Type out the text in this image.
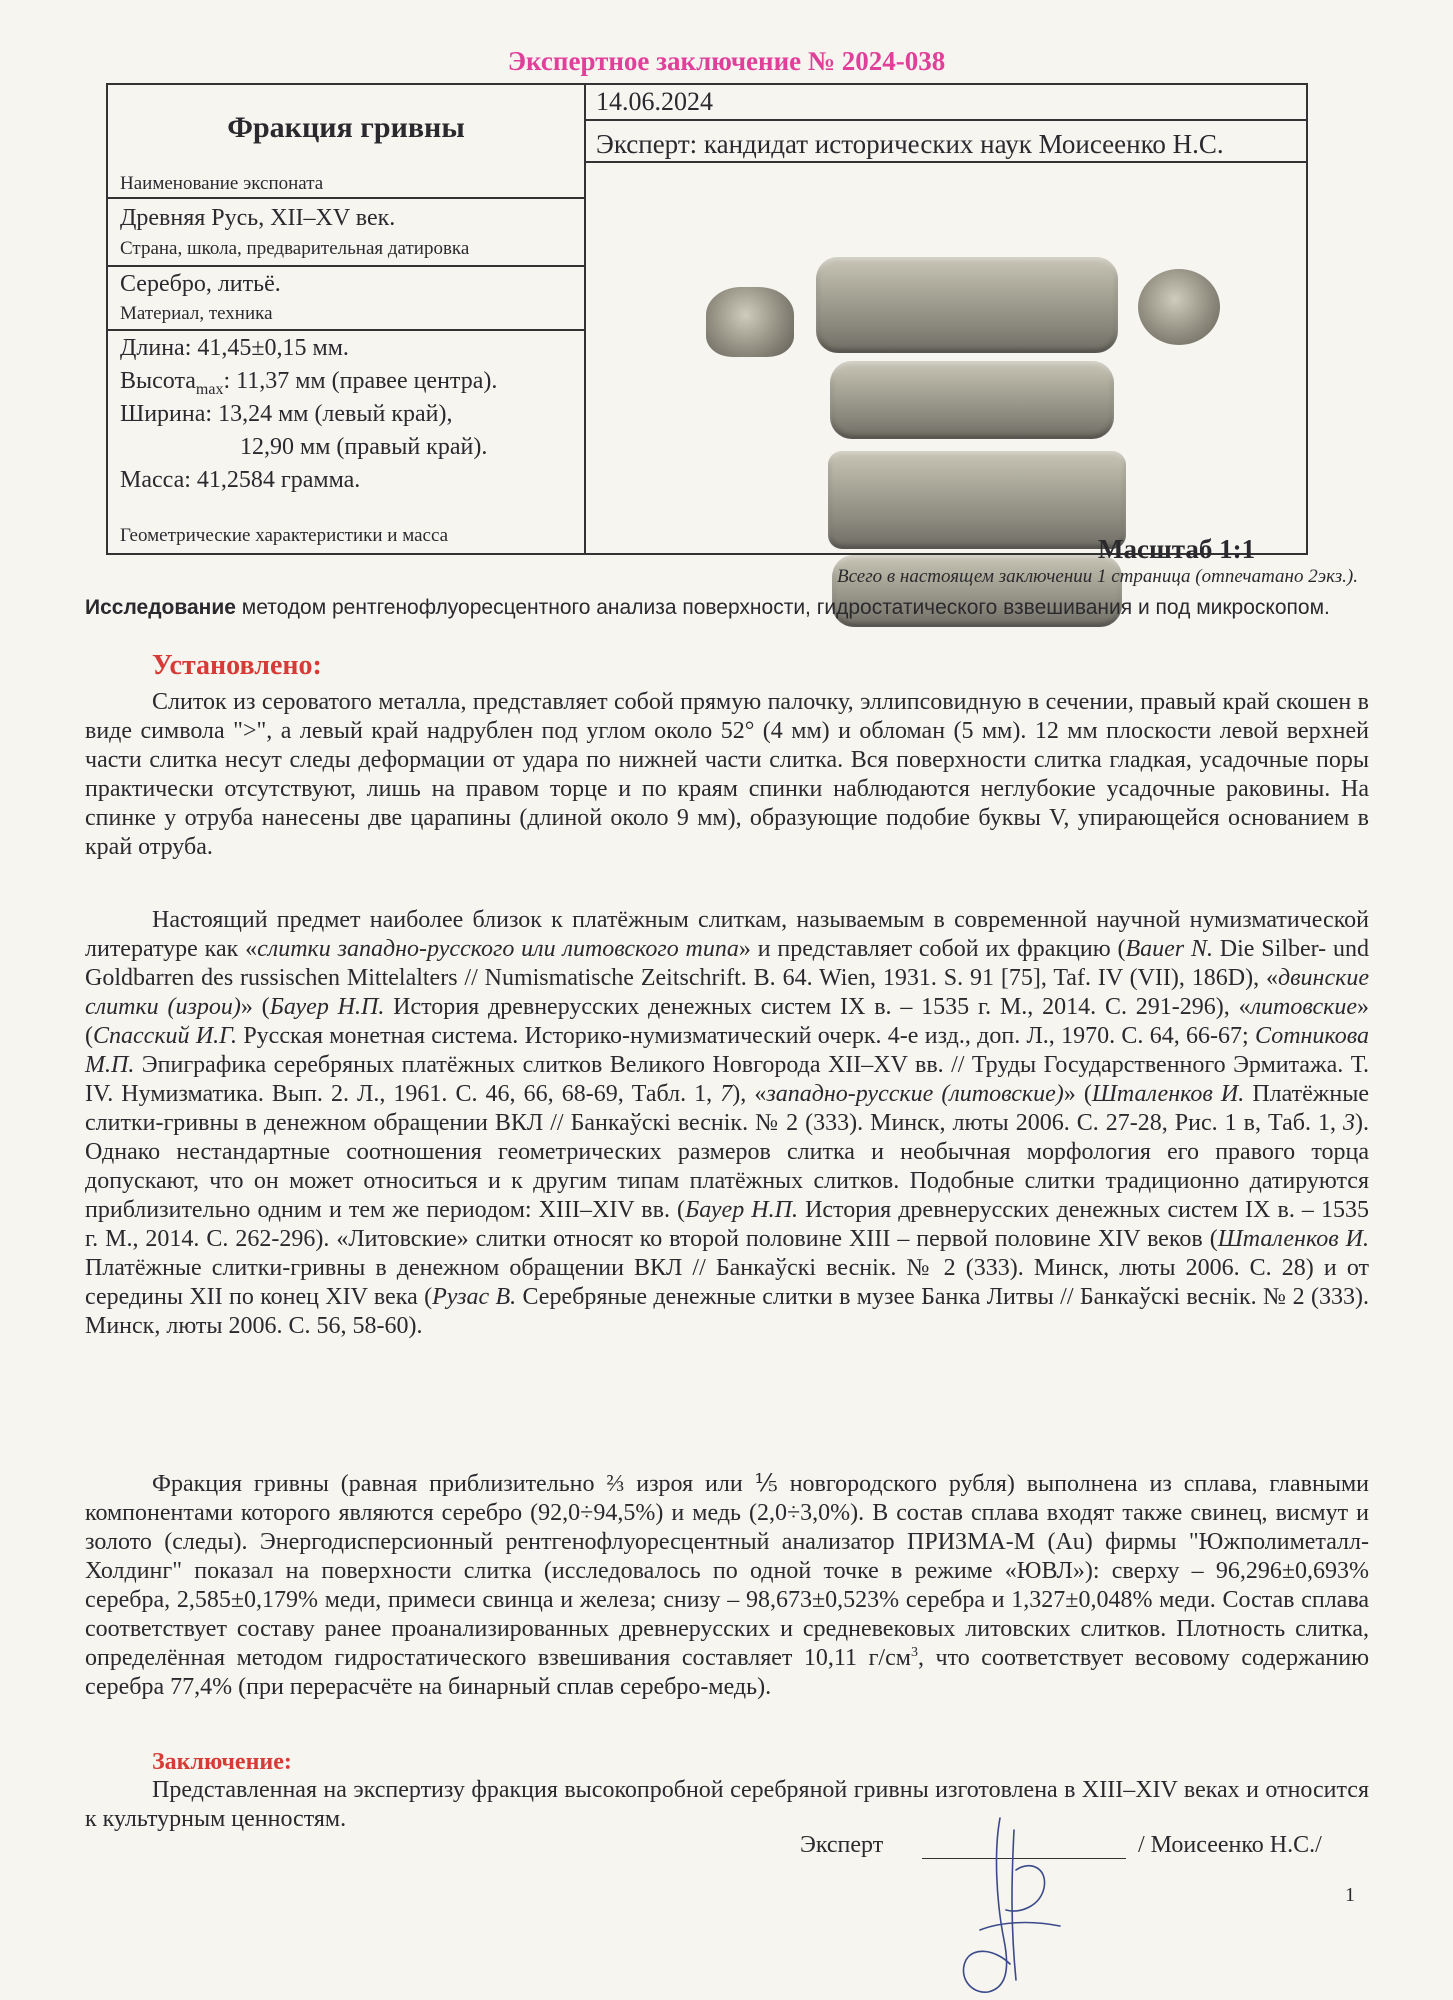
Экспертное заключение № 2024-038
Фракция гривны
Наименование экспоната
Древняя Русь, XII–XV век.
Страна, школа, предварительная датировка
Серебро, литьё.
Материал, техника
Длина: 41,45±0,15 мм.
Высота$_{max}$: 11,37 мм (правее центра).
Ширина: 13,24 мм (левый край),
12,90 мм (правый край).
Масса: 41,2584 грамма.
Геометрические характеристики и масса
14.06.2024
Эксперт: кандидат исторических наук Моисеенко Н.С.
Масштаб 1:1
Всего в настоящем заключении 1 страница (отпечатано 2экз.).
Исследование методом рентгенофлуоресцентного анализа поверхности, гидростатического взвешивания и под микроскопом.
Установлено:

Слиток из сероватого металла, представляет собой прямую палочку, эллипсовидную в сечении, правый край скошен в виде символа ">", а левый край надрублен под углом около 52° (4 мм) и обломан (5 мм). 12 мм плоскости левой верхней части слитка несут следы деформации от удара по нижней части слитка. Вся поверхности слитка гладкая, усадочные поры практически отсутствуют, лишь на правом торце и по краям спинки наблюдаются неглубокие усадочные раковины. На спинке у отруба нанесены две царапины (длиной около 9 мм), образующие подобие буквы V, упирающейся основанием в край отруба.

Настоящий предмет наиболее близок к платёжным слиткам, называемым в современной научной нумизматической литературе как «слитки западно-русского или литовского типа» и представляет собой их фракцию (Bauer N. Die Silber- und Goldbarren des russischen Mittelalters // Numismatische Zeitschrift. B. 64. Wien, 1931. S. 91 [75], Taf. IV (VII), 186D), «двинские слитки (изрои)» (Бауер Н.П. История древнерусских денежных систем IX в. – 1535 г. М., 2014. С. 291-296), «литовские» (Спасский И.Г. Русская монетная система. Историко-нумизматический очерк. 4-е изд., доп. Л., 1970. С. 64, 66-67; Сотникова М.П. Эпиграфика серебряных платёжных слитков Великого Новгорода XII–XV вв. // Труды Государственного Эрмитажа. Т. IV. Нумизматика. Вып. 2. Л., 1961. С. 46, 66, 68-69, Табл. 1, 7), «западно-русские (литовские)» (Шталенков И. Платёжные слитки-гривны в денежном обращении ВКЛ // Банкаўскі веснік. № 2 (333). Минск, люты 2006. С. 27-28, Рис. 1 в, Таб. 1, 3). Однако нестандартные соотношения геометрических размеров слитка и необычная морфология его правого торца допускают, что он может относиться и к другим типам платёжных слитков. Подобные слитки традиционно датируются приблизительно одним и тем же периодом: XIII–XIV вв. (Бауер Н.П. История древнерусских денежных систем IX в. – 1535 г. М., 2014. С. 262-296). «Литовские» слитки относят ко второй половине XIII – первой половине XIV веков (Шталенков И. Платёжные слитки-гривны в денежном обращении ВКЛ // Банкаўскі веснік. № 2 (333). Минск, люты 2006. С. 28) и от середины XII по конец XIV века (Рузас В. Серебряные денежные слитки в музее Банка Литвы // Банкаўскі веснік. № 2 (333). Минск, люты 2006. С. 56, 58-60).

Фракция гривны (равная приблизительно ⅔ изроя или ⅕ новгородского рубля) выполнена из сплава, главными компонентами которого являются серебро (92,0÷94,5%) и медь (2,0÷3,0%). В состав сплава входят также свинец, висмут и золото (следы). Энергодисперсионный рентгенофлуоресцентный анализатор ПРИЗМА-М (Au) фирмы "Южполиметалл-Холдинг" показал на поверхности слитка (исследовалось по одной точке в режиме «ЮВЛ»): сверху – 96,296±0,693% серебра, 2,585±0,179% меди, примеси свинца и железа; снизу – 98,673±0,523% серебра и 1,327±0,048% меди. Состав сплава соответствует составу ранее проанализированных древнерусских и средневековых литовских слитков. Плотность слитка, определённая методом гидростатического взвешивания составляет 10,11 $г/см^3$, что соответствует весовому содержанию серебра 77,4% (при перерасчёте на бинарный сплав серебро-медь).

Заключение:

Представленная на экспертизу фракция высокопробной серебряной гривны изготовлена в XIII–XIV веках и относится к культурным ценностям.

Эксперт	/ Моисеенко Н.С./
1
